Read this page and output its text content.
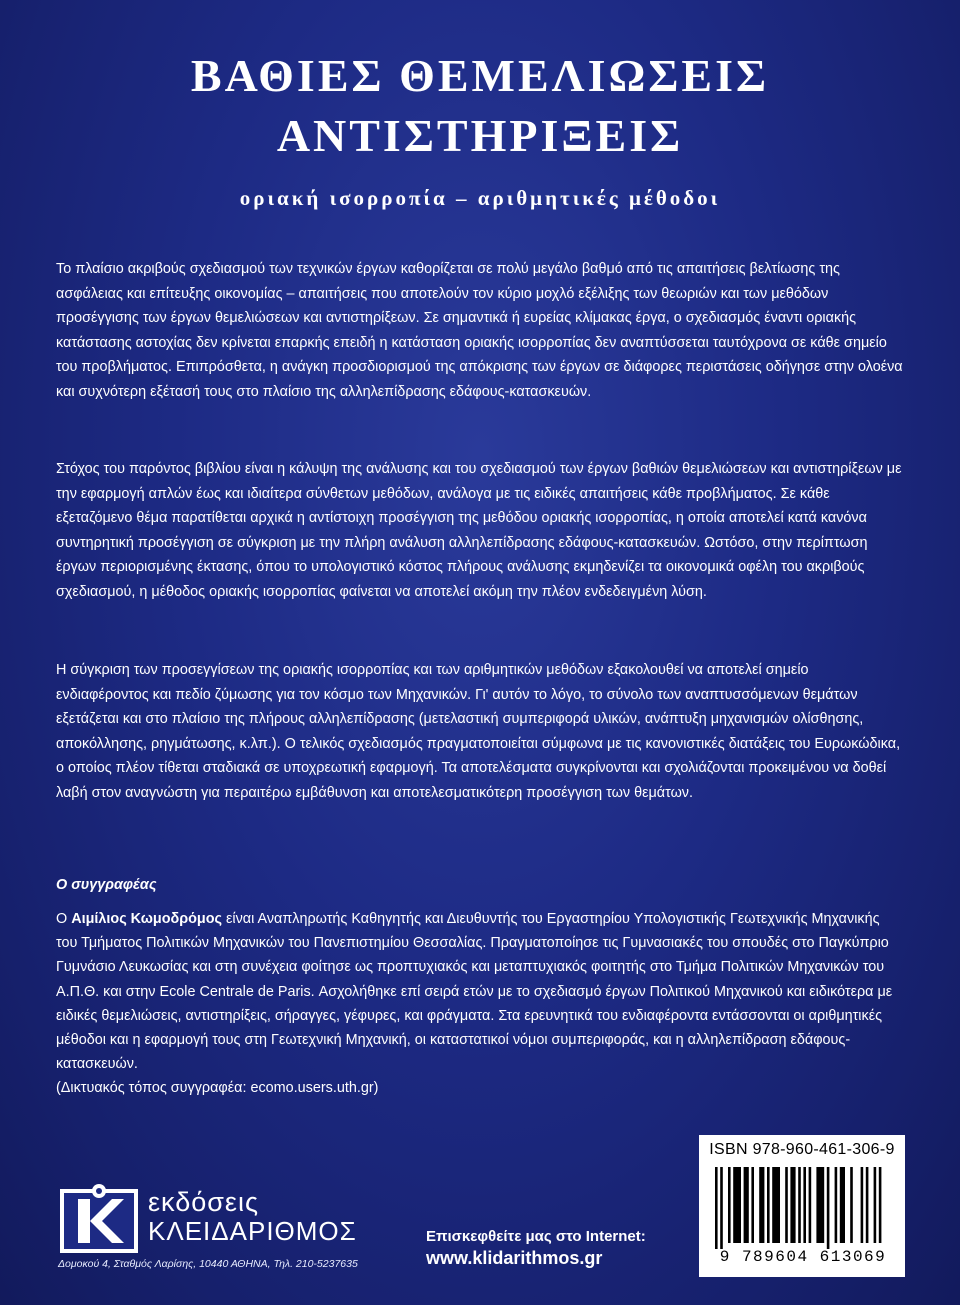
ΒΑΘΙΕΣ ΘΕΜΕΛΙΩΣΕΙΣ
ΑΝΤΙΣΤΗΡΙΞΕΙΣ

οριακή ισορροπία – αριθμητικές μέθοδοι

Το πλαίσιο ακριβούς σχεδιασμού των τεχνικών έργων καθορίζεται σε πολύ μεγάλο βαθμό από τις απαιτήσεις βελτίωσης της ασφάλειας και επίτευξης οικονομίας – απαιτήσεις που αποτελούν τον κύριο μοχλό εξέλιξης των θεωριών και των μεθόδων προσέγγισης των έργων θεμελιώσεων και αντιστηρίξεων. Σε σημαντικά ή ευρείας κλίμακας έργα, ο σχεδιασμός έναντι οριακής κατάστασης αστοχίας δεν κρίνεται επαρκής επειδή η κατάσταση οριακής ισορροπίας δεν αναπτύσσεται ταυτόχρονα σε κάθε σημείο του προβλήματος. Επιπρόσθετα, η ανάγκη προσδιορισμού της απόκρισης των έργων σε διάφορες περιστάσεις οδήγησε στην ολοένα και συχνότερη εξέτασή τους στο πλαίσιο της αλληλεπίδρασης εδάφους-κατασκευών.

Στόχος του παρόντος βιβλίου είναι η κάλυψη της ανάλυσης και του σχεδιασμού των έργων βαθιών θεμελιώσεων και αντιστηρίξεων με την εφαρμογή απλών έως και ιδιαίτερα σύνθετων μεθόδων, ανάλογα με τις ειδικές απαιτήσεις κάθε προβλήματος. Σε κάθε εξεταζόμενο θέμα παρατίθεται αρχικά η αντίστοιχη προσέγγιση της μεθόδου οριακής ισορροπίας, η οποία αποτελεί κατά κανόνα συντηρητική προσέγγιση σε σύγκριση με την πλήρη ανάλυση αλληλεπίδρασης εδάφους-κατασκευών. Ωστόσο, στην περίπτωση έργων περιορισμένης έκτασης, όπου το υπολογιστικό κόστος πλήρους ανάλυσης εκμηδενίζει τα οικονομικά οφέλη του ακριβούς σχεδιασμού, η μέθοδος οριακής ισορροπίας φαίνεται να αποτελεί ακόμη την πλέον ενδεδειγμένη λύση.

Η σύγκριση των προσεγγίσεων της οριακής ισορροπίας και των αριθμητικών μεθόδων εξακολουθεί να αποτελεί σημείο ενδιαφέροντος και πεδίο ζύμωσης για τον κόσμο των Μηχανικών. Γι' αυτόν το λόγο, το σύνολο των αναπτυσσόμενων θεμάτων εξετάζεται και στο πλαίσιο της πλήρους αλληλεπίδρασης (μετελαστική συμπεριφορά υλικών, ανάπτυξη μηχανισμών ολίσθησης, αποκόλλησης, ρηγμάτωσης, κ.λπ.). Ο τελικός σχεδιασμός πραγματοποιείται σύμφωνα με τις κανονιστικές διατάξεις του Ευρωκώδικα, ο οποίος πλέον τίθεται σταδιακά σε υποχρεωτική εφαρμογή. Τα αποτελέσματα συγκρίνονται και σχολιάζονται προκειμένου να δοθεί λαβή στον αναγνώστη για περαιτέρω εμβάθυνση και αποτελεσματικότερη προσέγγιση των θεμάτων.

Ο συγγραφέας

Ο Αιμίλιος Κωμοδρόμος είναι Αναπληρωτής Καθηγητής και Διευθυντής του Εργαστηρίου Υπολογιστικής Γεωτεχνικής Μηχανικής του Τμήματος Πολιτικών Μηχανικών του Πανεπιστημίου Θεσσαλίας. Πραγματοποίησε τις Γυμνασιακές του σπουδές στο Παγκύπριο Γυμνάσιο Λευκωσίας και στη συνέχεια φοίτησε ως προπτυχιακός και μεταπτυχιακός φοιτητής στο Τμήμα Πολιτικών Μηχανικών του Α.Π.Θ. και στην Ecole Centrale de Paris. Ασχολήθηκε επί σειρά ετών με το σχεδιασμό έργων Πολιτικού Μηχανικού και ειδικότερα με ειδικές θεμελιώσεις, αντιστηρίξεις, σήραγγες, γέφυρες, και φράγματα. Στα ερευνητικά του ενδιαφέροντα εντάσσονται οι αριθμητικές μέθοδοι και η εφαρμογή τους στη Γεωτεχνική Μηχανική, οι καταστατικοί νόμοι συμπεριφοράς, και η αλληλεπίδραση εδάφους-κατασκευών.
(Δικτυακός τόπος συγγραφέα: ecomo.users.uth.gr)

ISBN 978-960-461-306-9
9 789604 613069

εκδόσεις

ΚΛΕΙΔΑΡΙΘΜΟΣ

Δομοκού 4, Σταθμός Λαρίσης, 10440 ΑΘΗΝΑ, Τηλ. 210-5237635

Επισκεφθείτε μας στο Internet:

www.klidarithmos.gr
